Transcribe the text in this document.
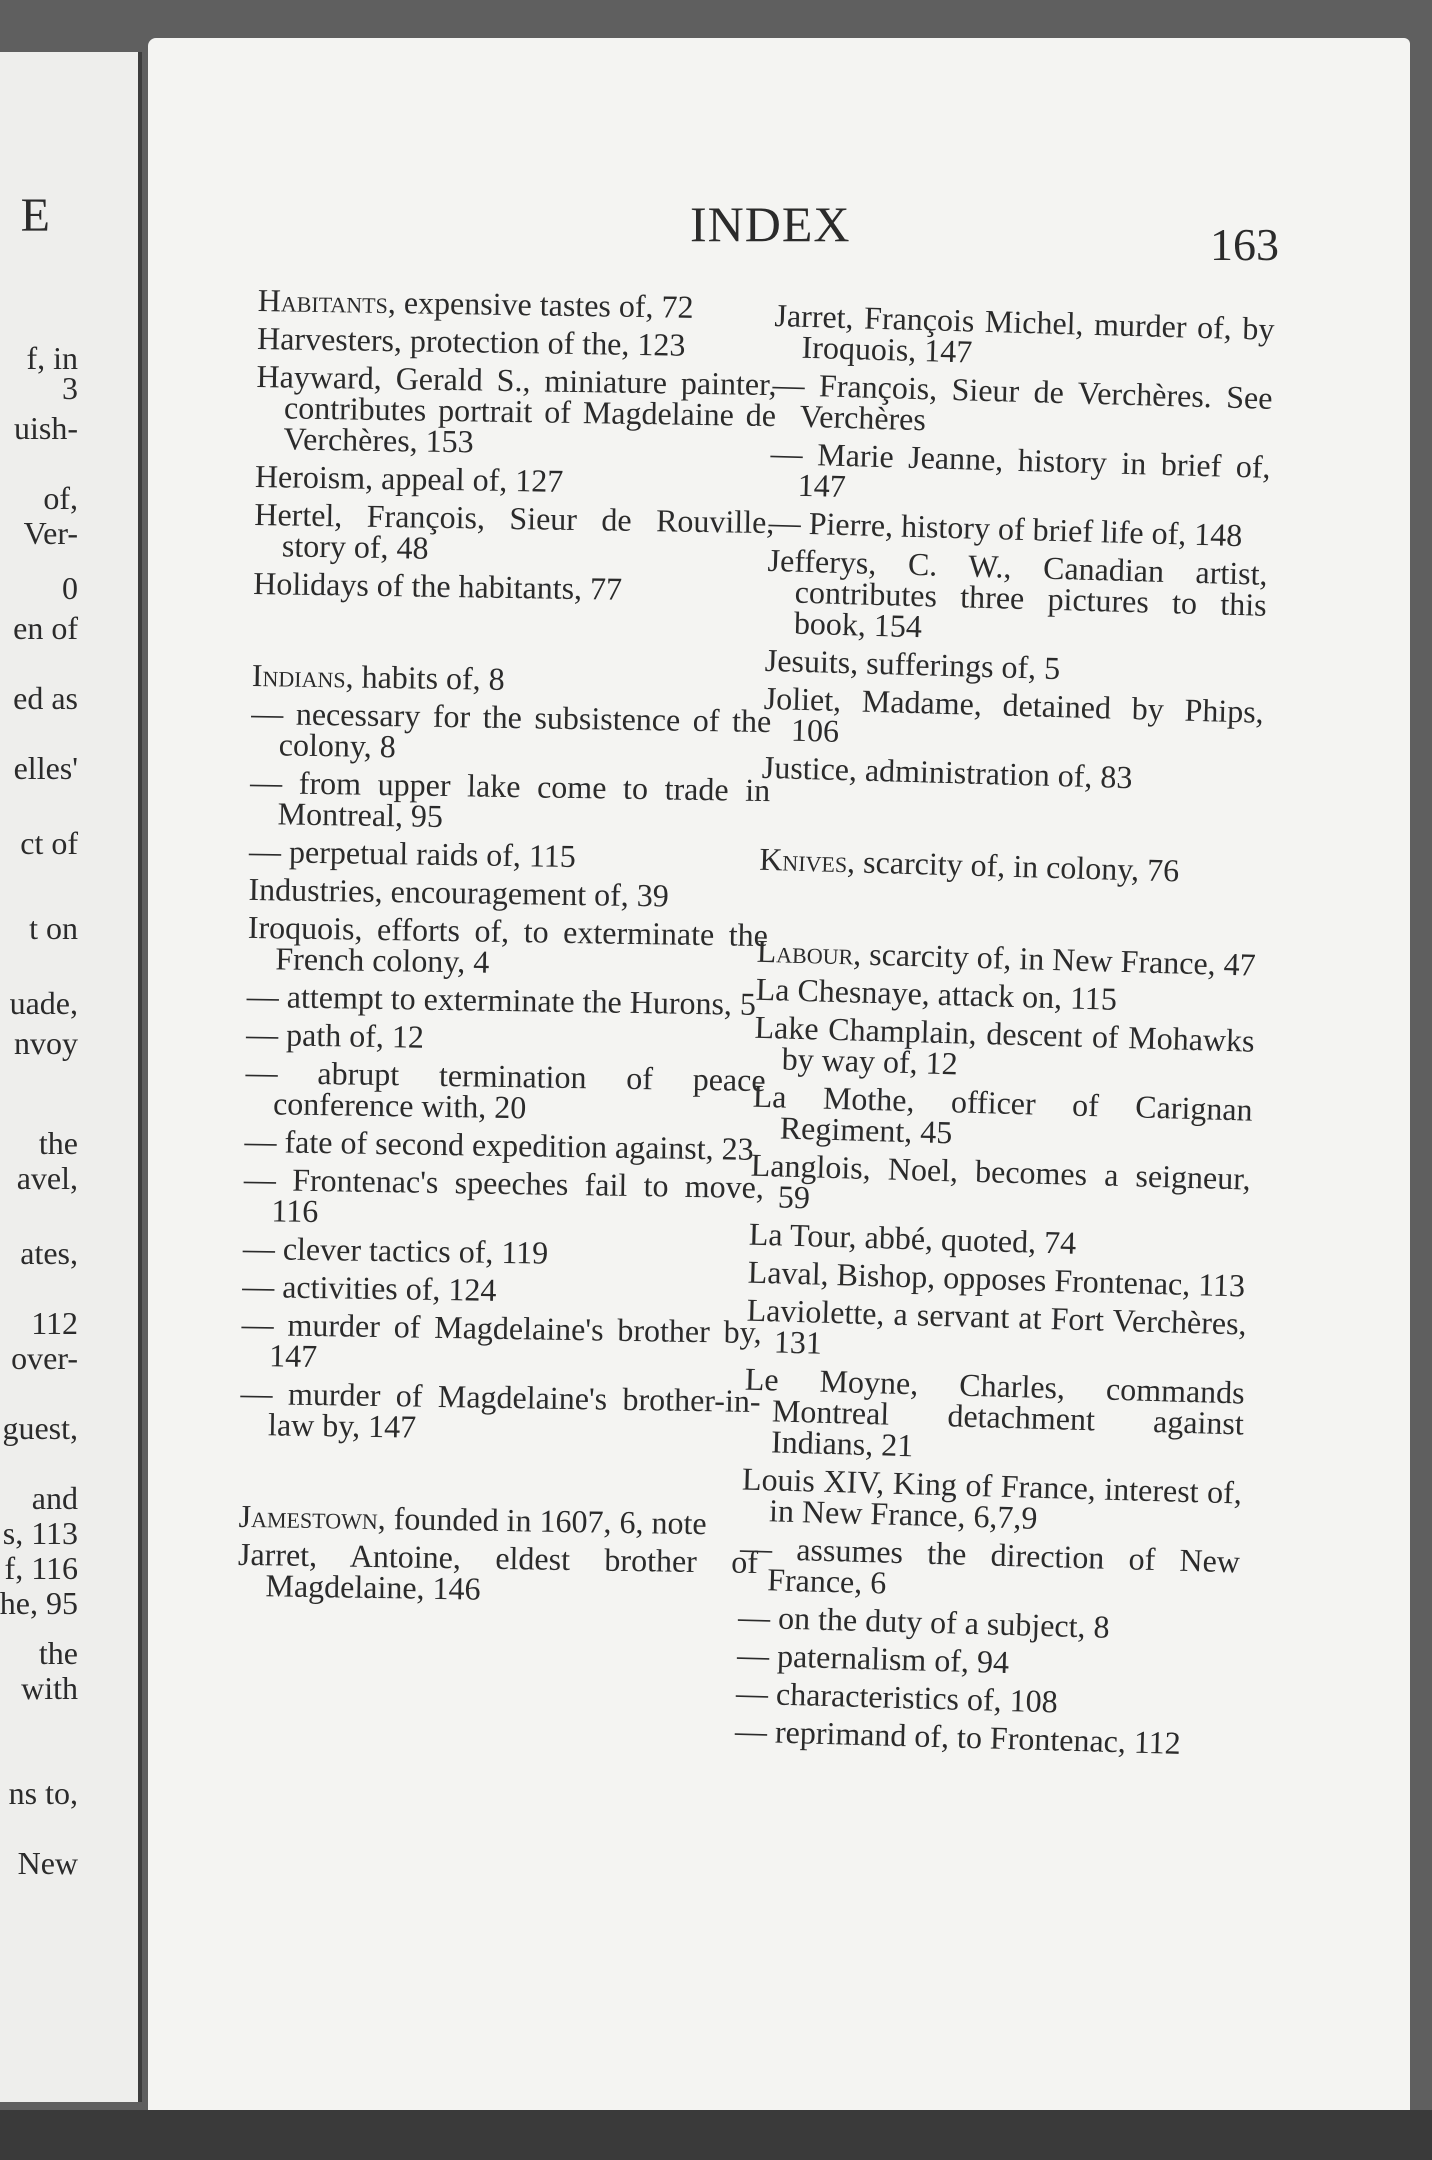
E
f, in
3
uish-
of,
Ver-
0
en of
ed as
elles'
ct of
t on
uade,
nvoy
the
avel,
ates,
112
over-
guest,
and
s, 113
f, 116
he, 95
the
with
ns to,
New
INDEX	163

Habitants, expensive tastes of, 72

Harvesters, protection of the, 123

Hayward, Gerald S., miniature painter, contributes portrait of Magdelaine de Verchères, 153

Heroism, appeal of, 127

Hertel, François, Sieur de Rouville, story of, 48

Holidays of the habitants, 77

Indians, habits of, 8

— necessary for the subsistence of the colony, 8

— from upper lake come to trade in Montreal, 95

— perpetual raids of, 115

Industries, encouragement of, 39

Iroquois, efforts of, to exterminate the French colony, 4

— attempt to exterminate the Hurons, 5

— path of, 12

— abrupt termination of peace conference with, 20

— fate of second expedition against, 23

— Frontenac's speeches fail to move, 116

— clever tactics of, 119

— activities of, 124

— murder of Magdelaine's brother by, 147

— murder of Magdelaine's brother-in-law by, 147

Jamestown, founded in 1607, 6, note

Jarret, Antoine, eldest brother of Magdelaine, 146

Jarret, François Michel, murder of, by Iroquois, 147

— François, Sieur de Verchères. See Verchères

— Marie Jeanne, history in brief of, 147

— Pierre, history of brief life of, 148

Jefferys, C. W., Canadian artist, contributes three pictures to this book, 154

Jesuits, sufferings of, 5

Joliet, Madame, detained by Phips, 106

Justice, administration of, 83

Knives, scarcity of, in colony, 76

Labour, scarcity of, in New France, 47

La Chesnaye, attack on, 115

Lake Champlain, descent of Mohawks by way of, 12

La Mothe, officer of Carignan Regiment, 45

Langlois, Noel, becomes a seigneur, 59

La Tour, abbé, quoted, 74

Laval, Bishop, opposes Frontenac, 113

Laviolette, a servant at Fort Verchères, 131

Le Moyne, Charles, commands Montreal detachment against Indians, 21

Louis XIV, King of France, interest of, in New France, 6,7,9

— assumes the direction of New France, 6

— on the duty of a subject, 8

— paternalism of, 94

— characteristics of, 108

— reprimand of, to Frontenac, 112
